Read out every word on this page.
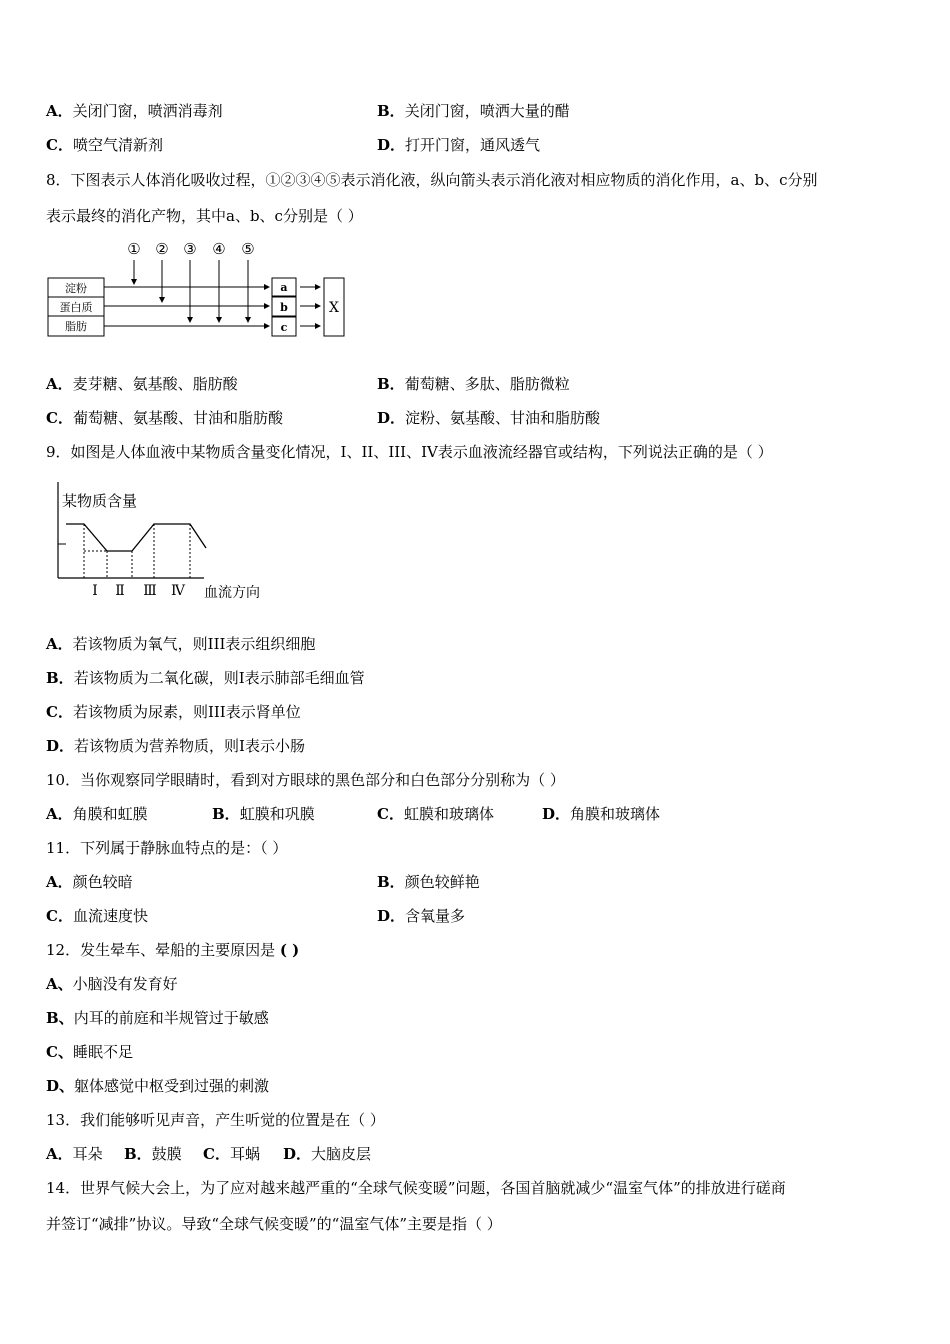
A．关闭门窗，喷洒消毒剂	B．关闭门窗，喷洒大量的醋
C．喷空气清新剂	D．打开门窗，通风透气
8．下图表示人体消化吸收过程，①②③④⑤表示消化液，纵向箭头表示消化液对相应物质的消化作用，a、b、c分别
表示最终的消化产物，其中a、b、c分别是（ ）
① ② ③ ④ ⑤
淀粉
蛋白质
脂肪
a
b
c
X
A．麦芽糖、氨基酸、脂肪酸	B．葡萄糖、多肽、脂肪微粒
C．葡萄糖、氨基酸、甘油和脂肪酸	D．淀粉、氨基酸、甘油和脂肪酸
9．如图是人体血液中某物质含量变化情况，I、II、III、IV表示血液流经器官或结构，下列说法正确的是（ ）
某物质含量
血流方向
Ⅰ Ⅱ Ⅲ Ⅳ
A．若该物质为氧气，则III表示组织细胞
B．若该物质为二氧化碳，则I表示肺部毛细血管
C．若该物质为尿素，则III表示肾单位
D．若该物质为营养物质，则I表示小肠
10．当你观察同学眼睛时，看到对方眼球的黑色部分和白色部分分别称为（ ）
A．角膜和虹膜	B．虹膜和巩膜	C．虹膜和玻璃体	D．角膜和玻璃体
11．下列属于静脉血特点的是：（ ）
A．颜色较暗	B．颜色较鲜艳
C．血流速度快	D．含氧量多
12．发生晕车、晕船的主要原因是 ( )
A、小脑没有发育好
B、内耳的前庭和半规管过于敏感
C、睡眠不足
D、躯体感觉中枢受到过强的刺激
13．我们能够听见声音，产生听觉的位置是在（ ）
A．耳朵 B．鼓膜 C．耳蜗 D．大脑皮层
14．世界气候大会上，为了应对越来越严重的“全球气候变暖”问题，各国首脑就减少“温室气体”的排放进行磋商
并签订“减排”协议。导致“全球气候变暖”的“温室气体”主要是指（ ）
